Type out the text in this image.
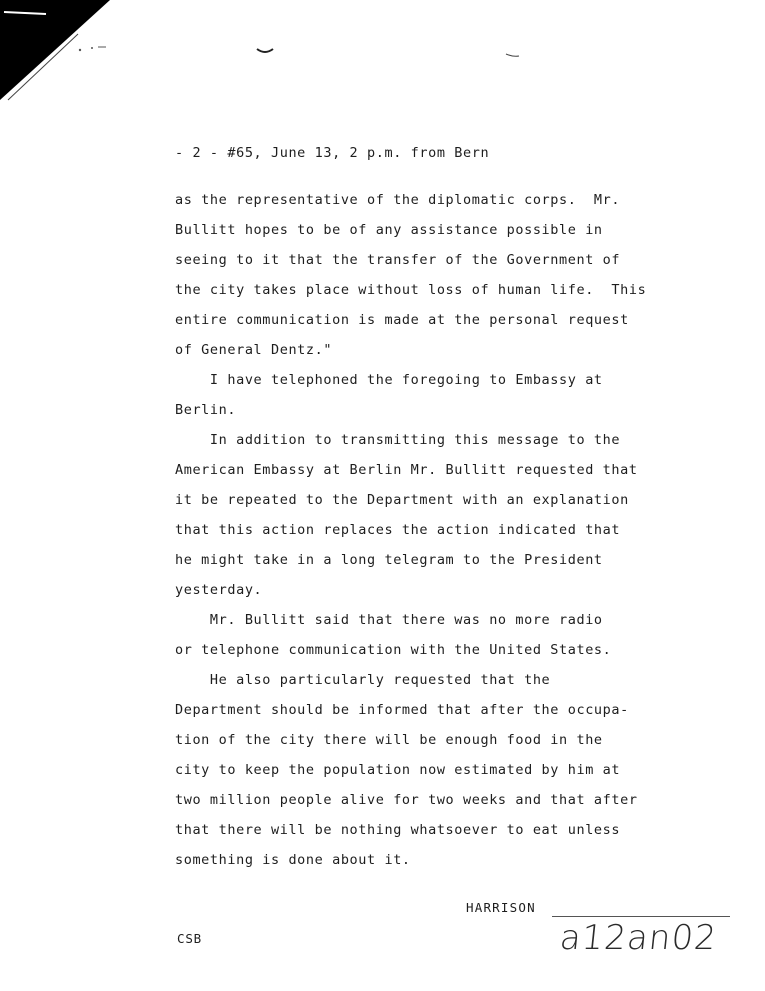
- 2 - #65, June 13, 2 p.m. from Bern
as the representative of the diplomatic corps.  Mr.
Bullitt hopes to be of any assistance possible in
seeing to it that the transfer of the Government of
the city takes place without loss of human life.  This
entire communication is made at the personal request
of General Dentz."
I have telephoned the foregoing to Embassy at
Berlin.
In addition to transmitting this message to the
American Embassy at Berlin Mr. Bullitt requested that
it be repeated to the Department with an explanation
that this action replaces the action indicated that
he might take in a long telegram to the President
yesterday.
Mr. Bullitt said that there was no more radio
or telephone communication with the United States.
He also particularly requested that the
Department should be informed that after the occupa-
tion of the city there will be enough food in the
city to keep the population now estimated by him at
two million people alive for two weeks and that after
that there will be nothing whatsoever to eat unless
something is done about it.
HARRISON
CSB	a12an02
